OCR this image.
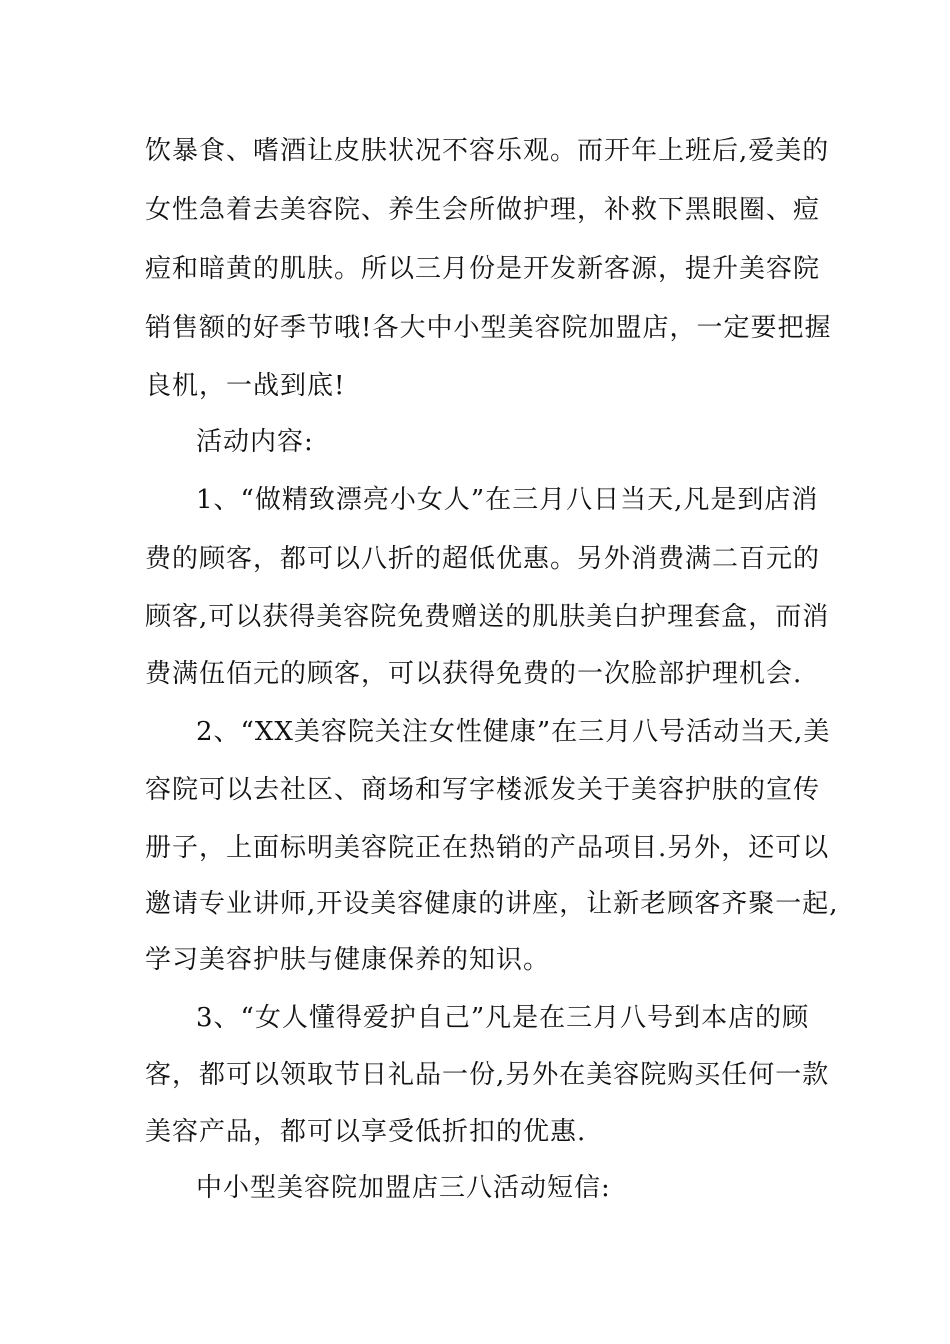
饮暴食、嗜酒让皮肤状况不容乐观。而开年上班后,爱美的
女性急着去美容院、养生会所做护理，补救下黑眼圈、痘
痘和暗黄的肌肤。所以三月份是开发新客源，提升美容院
销售额的好季节哦!各大中小型美容院加盟店，一定要把握
良机，一战到底!
活动内容:
1、“做精致漂亮小女人”在三月八日当天,凡是到店消
费的顾客，都可以八折的超低优惠。另外消费满二百元的
顾客,可以获得美容院免费赠送的肌肤美白护理套盒，而消
费满伍佰元的顾客，可以获得免费的一次脸部护理机会.
2、“XX美容院关注女性健康”在三月八号活动当天,美
容院可以去社区、商场和写字楼派发关于美容护肤的宣传
册子，上面标明美容院正在热销的产品项目.另外，还可以
邀请专业讲师,开设美容健康的讲座，让新老顾客齐聚一起,
学习美容护肤与健康保养的知识。
3、“女人懂得爱护自己”凡是在三月八号到本店的顾
客，都可以领取节日礼品一份,另外在美容院购买任何一款
美容产品，都可以享受低折扣的优惠.
中小型美容院加盟店三八活动短信:
